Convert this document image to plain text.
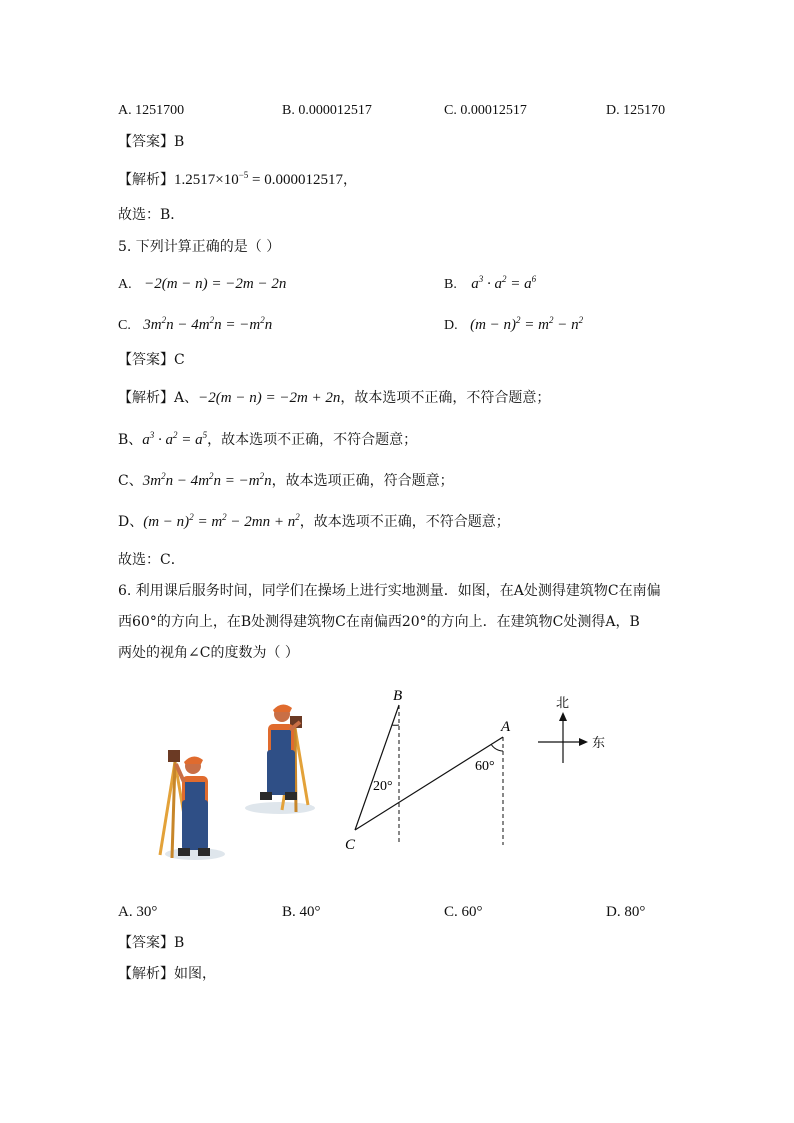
A. 1251700	B. 0.000012517	C. 0.00012517	D. 125170
【答案】B
【解析】$1.2517\times 10^{-5} = 0.000012517$，
故选：B．
5. 下列计算正确的是（ ）
A. −2(m − n) = −2m − 2n	B. $a^3 \cdot a^2 = a^6$
C. $3m^2n - 4m^2n = -m^2n$	D. $(m - n)^2 = m^2 - n^2$
【答案】C
【解析】A、−2(m − n) = −2m + 2n，故本选项不正确，不符合题意；
B、$a^3 \cdot a^2 = a^5$，故本选项不正确，不符合题意；
C、$3m^2n - 4m^2n = -m^2n$，故本选项正确，符合题意；
D、$(m - n)^2 = m^2 - 2mn + n^2$，故本选项不正确，不符合题意；
故选：C．
6. 利用课后服务时间，同学们在操场上进行实地测量．如图，在A处测得建筑物C在南偏
西60°的方向上，在B处测得建筑物C在南偏西20°的方向上．在建筑物C处测得A，B
两处的视角∠C的度数为（ ）
B
A
C
20°
60°
北
东
A. 30°	B. 40°	C. 60°	D. 80°
【答案】B
【解析】如图，
